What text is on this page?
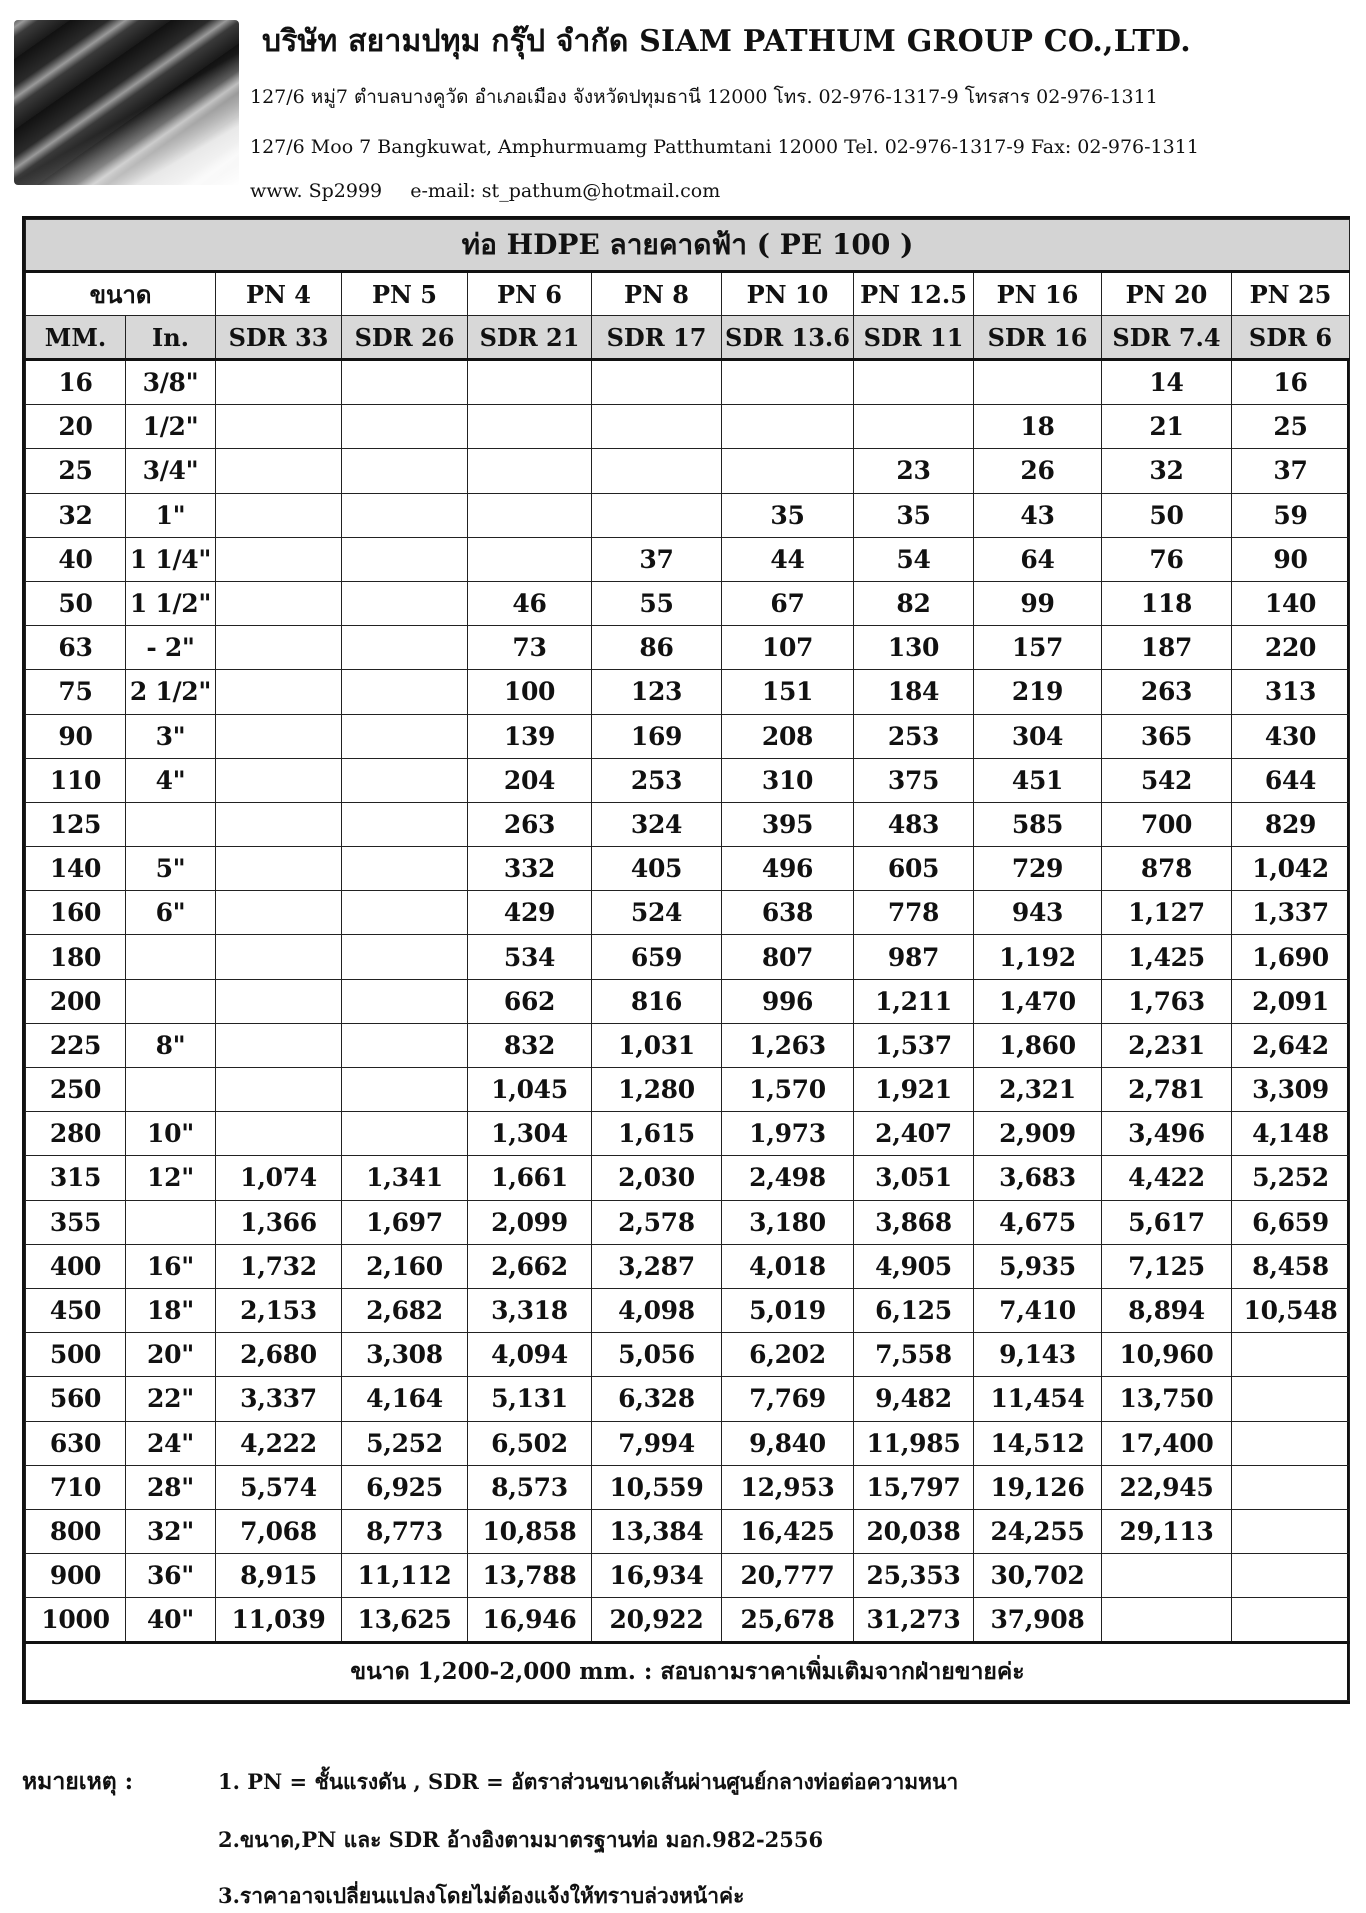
บริษัท สยามปทุม กรุ๊ป จำกัด SIAM PATHUM GROUP CO.,LTD.
127/6 หมู่7 ตำบลบางคูวัด อำเภอเมือง จังหวัดปทุมธานี 12000 โทร. 02-976-1317-9 โทรสาร 02-976-1311
127/6 Moo 7 Bangkuwat, Amphurmuamg Patthumtani 12000 Tel. 02-976-1317-9 Fax: 02-976-1311
www. Sp2999 e-mail: st_pathum@hotmail.com
ท่อ HDPE ลายคาดฟ้า ( PE 100 )										
ขนาด		PN 4	PN 5	PN 6	PN 8	PN 10	PN 12.5	PN 16	PN 20	PN 25
MM.	In.	SDR 33	SDR 26	SDR 21	SDR 17	SDR 13.6	SDR 11	SDR 16	SDR 7.4	SDR 6
16	3/8"								14	16
20	1/2"							18	21	25
25	3/4"						23	26	32	37
32	1"					35	35	43	50	59
40	1 1/4"				37	44	54	64	76	90
50	1 1/2"			46	55	67	82	99	118	140
63	- 2"			73	86	107	130	157	187	220
75	2 1/2"			100	123	151	184	219	263	313
90	3"			139	169	208	253	304	365	430
110	4"			204	253	310	375	451	542	644
125				263	324	395	483	585	700	829
140	5"			332	405	496	605	729	878	1,042
160	6"			429	524	638	778	943	1,127	1,337
180				534	659	807	987	1,192	1,425	1,690
200				662	816	996	1,211	1,470	1,763	2,091
225	8"			832	1,031	1,263	1,537	1,860	2,231	2,642
250				1,045	1,280	1,570	1,921	2,321	2,781	3,309
280	10"			1,304	1,615	1,973	2,407	2,909	3,496	4,148
315	12"	1,074	1,341	1,661	2,030	2,498	3,051	3,683	4,422	5,252
355		1,366	1,697	2,099	2,578	3,180	3,868	4,675	5,617	6,659
400	16"	1,732	2,160	2,662	3,287	4,018	4,905	5,935	7,125	8,458
450	18"	2,153	2,682	3,318	4,098	5,019	6,125	7,410	8,894	10,548
500	20"	2,680	3,308	4,094	5,056	6,202	7,558	9,143	10,960	
560	22"	3,337	4,164	5,131	6,328	7,769	9,482	11,454	13,750	
630	24"	4,222	5,252	6,502	7,994	9,840	11,985	14,512	17,400	
710	28"	5,574	6,925	8,573	10,559	12,953	15,797	19,126	22,945	
800	32"	7,068	8,773	10,858	13,384	16,425	20,038	24,255	29,113	
900	36"	8,915	11,112	13,788	16,934	20,777	25,353	30,702		
1000	40"	11,039	13,625	16,946	20,922	25,678	31,273	37,908		
ขนาด 1,200-2,000 mm. : สอบถามราคาเพิ่มเติมจากฝ่ายขายค่ะ										
หมายเหตุ :	1. PN = ชั้นแรงดัน , SDR = อัตราส่วนขนาดเส้นผ่านศูนย์กลางท่อต่อความหนา
2.ขนาด,PN และ SDR อ้างอิงตามมาตรฐานท่อ มอก.982-2556
3.ราคาอาจเปลี่ยนแปลงโดยไม่ต้องแจ้งให้ทราบล่วงหน้าค่ะ
